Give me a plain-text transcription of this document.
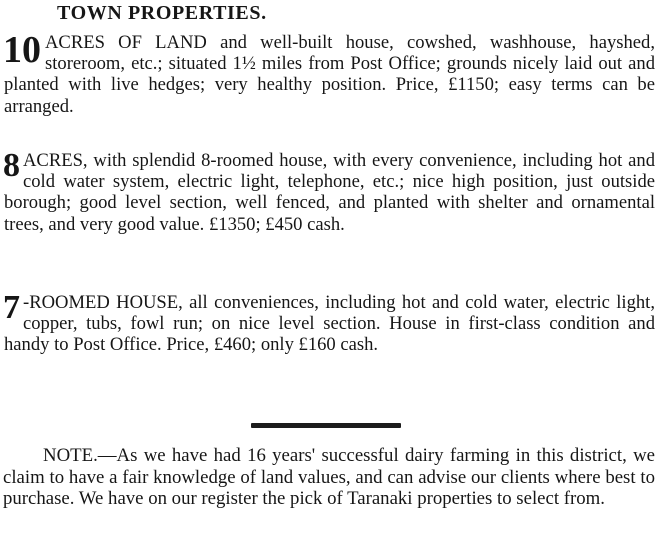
TOWN PROPERTIES.

10 ACRES OF LAND and well-built house, cowshed, washhouse, hayshed, storeroom, etc.; situated 1½ miles from Post Office; grounds nicely laid out and planted with live hedges; very healthy position. Price, £1150; easy terms can be arranged.

8 ACRES, with splendid 8-roomed house, with every convenience, including hot and cold water system, electric light, telephone, etc.; nice high position, just outside borough; good level section, well fenced, and planted with shelter and ornamental trees, and very good value. £1350; £450 cash.

7 -ROOMED HOUSE, all conveniences, including hot and cold water, electric light, copper, tubs, fowl run; on nice level section. House in first-class condition and handy to Post Office. Price, £460; only £160 cash.

NOTE.—As we have had 16 years' successful dairy farming in this district, we claim to have a fair knowledge of land values, and can advise our clients where best to purchase. We have on our register the pick of Taranaki properties to select from.
